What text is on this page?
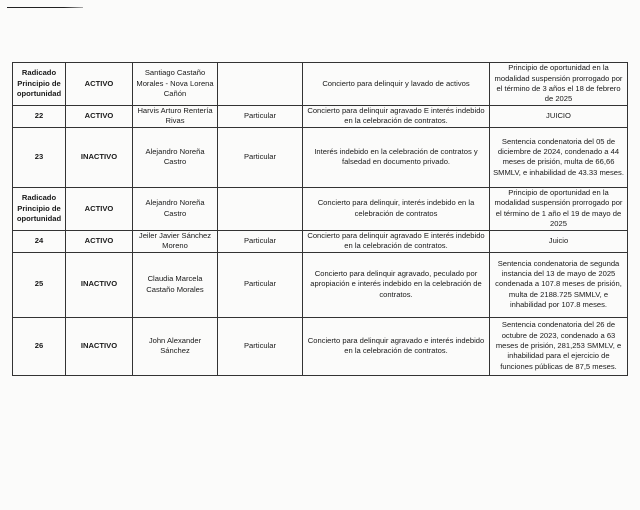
Radicado Principio de oportunidad	ACTIVO	Santiago Castaño Morales - Nova Lorena Cañón		Concierto para delinquir y lavado de activos	Principio de oportunidad en la modalidad suspensión prorrogado por el término de 3 años el 18 de febrero de 2025
22	ACTIVO	Harvis Arturo Rentería Rivas	Particular	Concierto para delinquir agravado E interés indebido en la celebración de contratos.	JUICIO
23	INACTIVO	Alejandro Noreña Castro	Particular	Interés indebido en la celebración de contratos y falsedad en documento privado.	Sentencia condenatoria del 05 de diciembre de 2024, condenado a 44 meses de prisión, multa de 66,66 SMMLV, e inhabilidad de 43.33 meses.
Radicado Principio de oportunidad	ACTIVO	Alejandro Noreña Castro		Concierto para delinquir, interés indebido en la celebración de contratos	Principio de oportunidad en la modalidad suspensión prorrogado por el término de 1 año el 19 de mayo de 2025
24	ACTIVO	Jeiler Javier Sánchez Moreno	Particular	Concierto para delinquir agravado E interés indebido en la celebración de contratos.	Juicio
25	INACTIVO	Claudia Marcela Castaño Morales	Particular	Concierto para delinquir agravado, peculado por apropiación e interés indebido en la celebración de contratos.	Sentencia condenatoria de segunda instancia del 13 de mayo de 2025 condenada a 107.8 meses de prisión, multa de 2188.725 SMMLV, e inhabilidad por 107.8 meses.
26	INACTIVO	John Alexander Sánchez	Particular	Concierto para delinquir agravado e interés indebido en la celebración de contratos.	Sentencia condenatoria del 26 de octubre de 2023, condenado a 63 meses de prisión, 281,253 SMMLV, e inhabilidad para el ejercicio de funciones públicas de 87,5 meses.
